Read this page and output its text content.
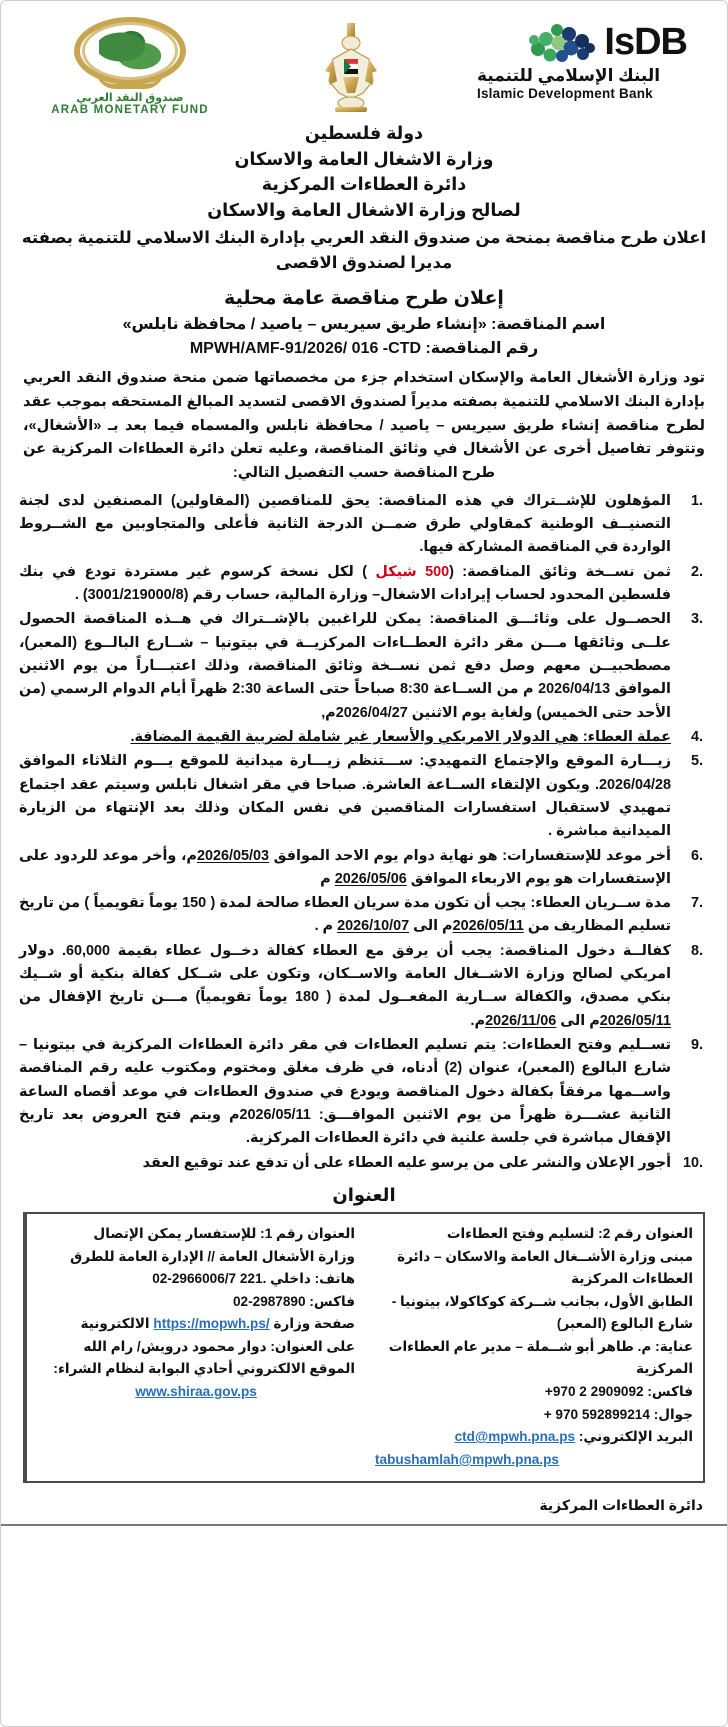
صندوق النقد العربي
ARAB MONETARY FUND
IsDB
البنك الإسلامي للتنمية
Islamic Development Bank
دولة فلسطين
وزارة الاشغال العامة والاسكان
دائرة العطاءات المركزية
لصالح وزارة الاشغال العامة والاسكان
اعلان طرح مناقصة بمنحة من صندوق النقد العربي بإدارة البنك الاسلامي للتنمية بصفته مديرا لصندوق الاقصى
إعلان طرح مناقصة عامة محلية
اسم المناقصة: «إنشاء طريق سيريس – ياصيد / محافظة نابلس»
رقم المناقصة: MPWH/AMF-91/2026/ 016 -CTD
تود وزارة الأشغال العامة والإسكان استخدام جزء من مخصصاتها ضمن منحة صندوق النقد العربي بإدارة البنك الاسلامي للتنمية بصفته مديراً لصندوق الاقصى لتسديد المبالغ المستحقه بموجب عقد لطرح مناقصة إنشاء طريق سيريس – ياصيد / محافظة نابلس والمسماه فيما بعد بـ «الأشغال»، وتتوفر تفاصيل أخرى عن الأشغال في وثائق المناقصة، وعليه تعلن دائرة العطاءات المركزية عن طرح المناقصة حسب التفصيل التالي:
1.
المؤهلون للإشــتراك في هذه المناقصة: يحق للمناقصين (المقاولين) المصنفين لدى لجنة التصنيــف الوطنية كمقاولي طرق ضمــن الدرجة الثانية فأعلى والمتجاوبين مع الشــروط الواردة في المناقصة المشاركة فيها.
2.
ثمن نســخة وثائق المناقصة: (500 شيكل ) لكل نسخة كرسوم غير مستردة تودع في بنك فلسطين المحدود لحساب إيرادات الاشغال– وزارة المالية، حساب رقم (3001/219000/8) .
3.
الحصــول على وثائـــق المناقصة: يمكن للراغبين بالإشــتراك في هــذه المناقصة الحصول علــى وثائقها مـــن مقر دائرة العطــاءات المركزيــة في بيتونيا – شــارع البالــوع (المعبر)، مصطحبيــن معهم وصل دفع ثمن نســخة وثائق المناقصة، وذلك اعتبـــاراً من يوم الاثنين الموافق 2026/04/13 م من الســاعة 8:30 صباحاً حتى الساعة 2:30 ظهراً أيام الدوام الرسمي (من الأحد حتى الخميس) ولغاية يوم الاثنين 2026/04/27م,
4.
عملة العطاء: هي الدولار الامريكي والأسعار غير شاملة لضريبة القيمة المضافة.
5.
زيـــارة الموقع والإجتماع التمهيدي: ســـتنظم زيـــارة ميدانية للموقع يـــوم الثلاثاء الموافق 2026/04/28. ويكون الإلتقاء الســاعة العاشرة. صباحا في مقر اشغال نابلس وسيتم عقد اجتماع تمهيدي لاستقبال استفسارات المناقصين في نفس المكان وذلك بعد الإنتهاء من الزيارة الميدانية مباشرة .
6.
أخر موعد للإستفسارات: هو نهاية دوام يوم الاحد الموافق 2026/05/03م، وأخر موعد للردود على الإستفسارات هو يوم الاربعاء الموافق 2026/05/06 م
7.
مدة ســريان العطاء: يجب أن تكون مدة سريان العطاء صالحة لمدة ( 150 يوماً تقويمياً ) من تاريخ تسليم المظاريف من 2026/05/11م الى 2026/10/07 م .
8.
كفالــة دخول المناقصة: يجب أن يرفق مع العطاء كفالة دخــول عطاء بقيمة 60,000. دولار امريكي لصالح وزارة الاشــغال العامة والاســكان، وتكون على شــكل كفالة بنكية أو شــيك بنكي مصدق، والكفالة ســارية المفعــول لمدة ( 180 يوماً تقويمياً) مـــن تاريخ الإقفال من 2026/05/11م الى 2026/11/06م.
9.
تســليم وفتح العطاءات: يتم تسليم العطاءات في مقر دائرة العطاءات المركزية في بيتونيا – شارع البالوع (المعبر)، عنوان (2) أدناه، في ظرف مغلق ومختوم ومكتوب عليه رقم المناقصة واســمها مرفقاً بكفالة دخول المناقصة ويودع في صندوق العطاءات في موعد أقصاه الساعة الثانية عشـــرة ظهراً من يوم الاثنين الموافـــق: 2026/05/11م ويتم فتح العروض بعد تاريخ الإقفال مباشرة في جلسة علنية في دائرة العطاءات المركزية.
10.
أجور الإعلان والنشر على من يرسو عليه العطاء على أن تدفع عند توقيع العقد
العنوان
العنوان رقم 2: لتسليم وفتح العطاءات
مبنى وزارة الأشــغال العامة والاسكان – دائرة العطاءات المركزية
الطابق الأول، بجانب شــركة كوكاكولا، بيتونيا - شارع البالوع (المعبر)
عناية: م. طاهر أبو شــملة – مدير عام العطاءات المركزية
فاكس: +970 2 2909092
جوال: + 970 592899214
البريد الإلكتروني: ctd@mpwh.pna.ps
tabushamlah@mpwh.pna.ps
العنوان رقم 1: للإستفسار يمكن الإتصال
وزارة الأشغال العامة // الإدارة العامة للطرق
هاتف: 02-2966006/7 داخلي .221
فاكس: 02-2987890
صفحة وزارة https://mopwh.ps/ الالكترونية
على العنوان: دوار محمود درويش/ رام الله
الموقع الالكتروني أحادي البوابة لنظام الشراء:
www.shiraa.gov.ps
دائرة العطاءات المركزية
